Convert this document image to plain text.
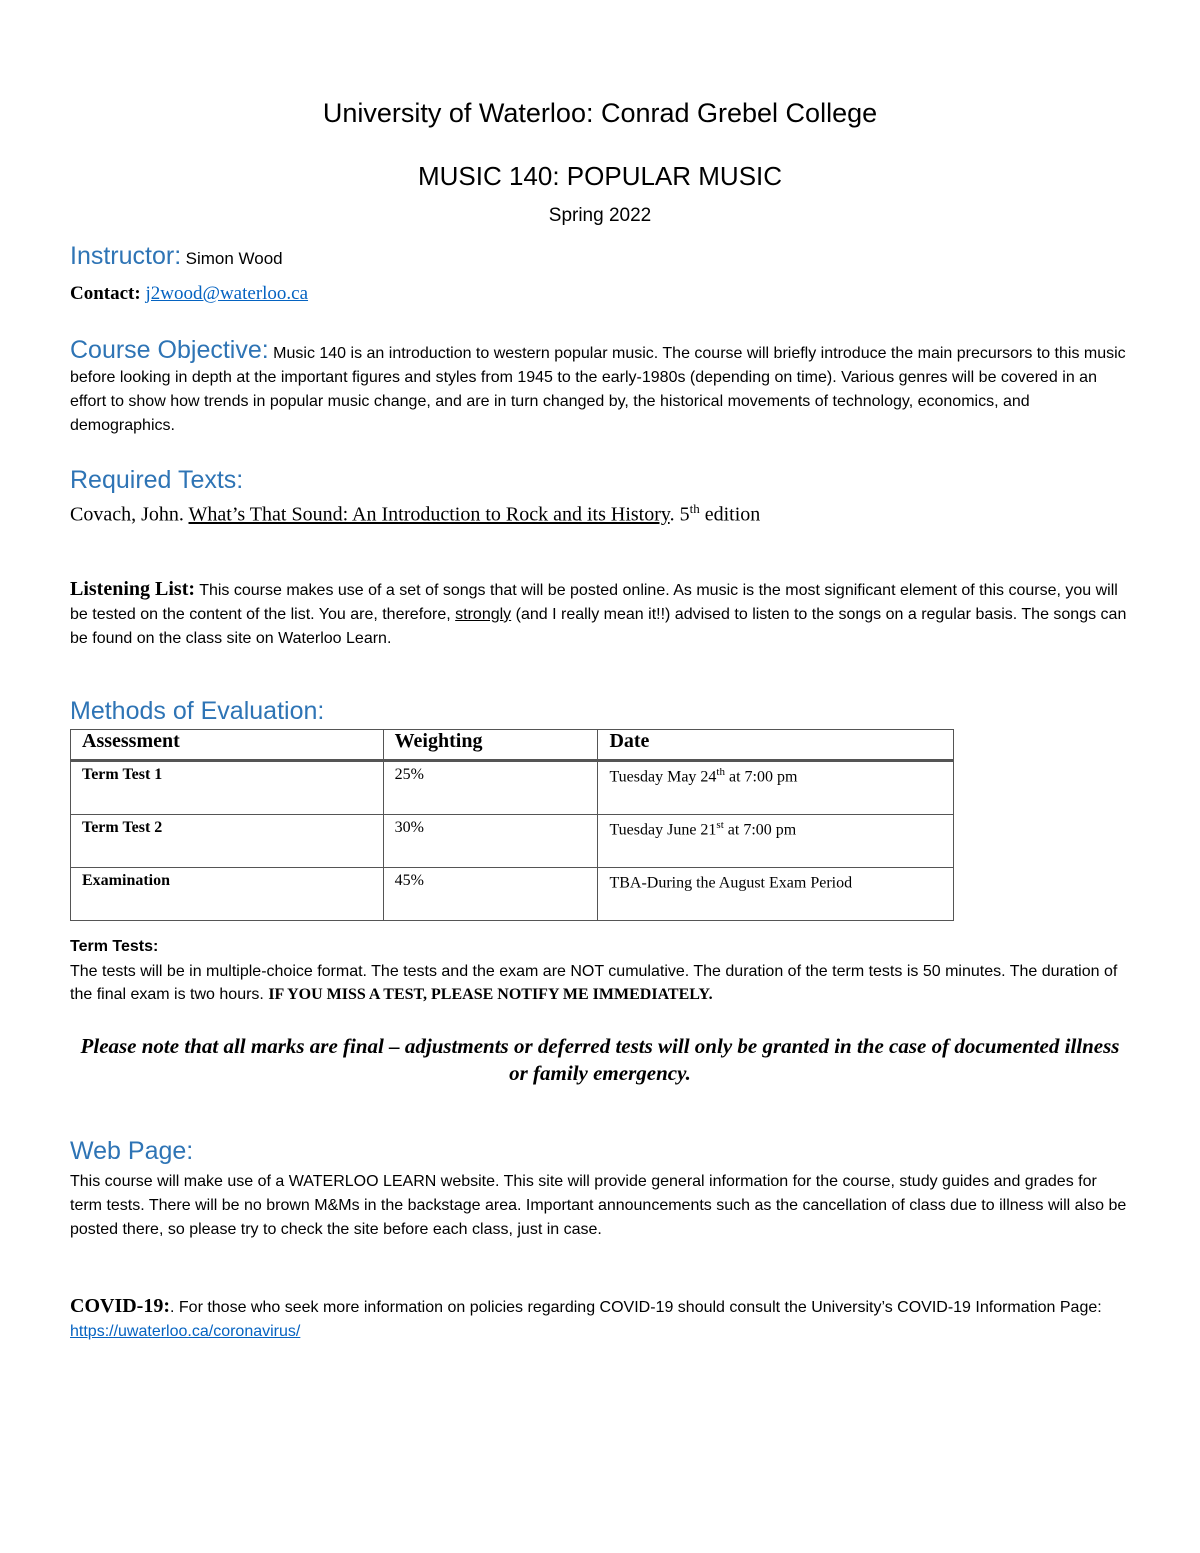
University of Waterloo: Conrad Grebel College
MUSIC 140: POPULAR MUSIC
Spring 2022
Instructor: Simon Wood
Contact: j2wood@waterloo.ca
Course Objective: Music 140 is an introduction to western popular music. The course will briefly introduce the main precursors to this music before looking in depth at the important figures and styles from 1945 to the early-1980s (depending on time). Various genres will be covered in an effort to show how trends in popular music change, and are in turn changed by, the historical movements of technology, economics, and demographics.
Required Texts:
Covach, John. What’s That Sound: An Introduction to Rock and its History. 5th edition
Listening List: This course makes use of a set of songs that will be posted online. As music is the most significant element of this course, you will be tested on the content of the list. You are, therefore, strongly (and I really mean it!!) advised to listen to the songs on a regular basis. The songs can be found on the class site on Waterloo Learn.
Methods of Evaluation:
Assessment	Weighting	Date
Term Test 1	25%	Tuesday May 24th at 7:00 pm
Term Test 2	30%	Tuesday June 21st at 7:00 pm
Examination	45%	TBA-During the August Exam Period
Term Tests:
The tests will be in multiple-choice format. The tests and the exam are NOT cumulative. The duration of the term tests is 50 minutes. The duration of the final exam is two hours. IF YOU MISS A TEST, PLEASE NOTIFY ME IMMEDIATELY.
Please note that all marks are final – adjustments or deferred tests will only be granted in the case of documented illness or family emergency.
Web Page:
This course will make use of a WATERLOO LEARN website. This site will provide general information for the course, study guides and grades for term tests. There will be no brown M&Ms in the backstage area. Important announcements such as the cancellation of class due to illness will also be posted there, so please try to check the site before each class, just in case.
COVID-19:. For those who seek more information on policies regarding COVID-19 should consult the University’s COVID-19 Information Page: https://uwaterloo.ca/coronavirus/
